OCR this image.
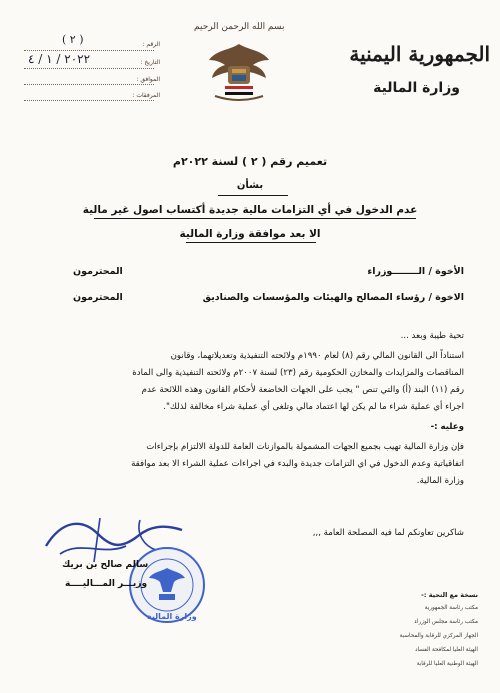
الرقم :
( ٢ )
التاريخ :
٢٠٢٢ / ١ / ٤
الموافق :
المرفقات :
بسم الله الرحمن الرحيم
الجمهورية اليمنية
وزارة المالية
تعميم رقم ( ٢ ) لسنة ٢٠٢٢م
بشأن
عدم الدخول في أي التزامات مالية جديدة أكتساب اصول غير مالية
الا بعد موافقة وزارة المالية
الأخوة / الــــــــوزراء
المحترمون
الاخوة / رؤساء المصالح والهيئات والمؤسسات والصناديق
المحترمون
تحية طيبة وبعد ...
استناداً الى القانون المالي رقم (٨) لعام ١٩٩٠م ولائحته التنفيذية وتعديلاتهما، وقانون
المناقصات والمزايدات والمخازن الحكومية رقم (٢٣) لسنة ٢٠٠٧م ولائحته التنفيذية والى المادة
رقم (١١) البند (أ) والتي تنص " يجب على الجهات الخاضعة لأحكام القانون وهذه اللائحة عدم
اجراء أي عملية شراء ما لم يكن لها اعتماد مالي وتلغى أي عملية شراء مخالفة لذلك".
وعليه :-
فإن وزارة المالية تهيب بجميع الجهات المشمولة بالموازنات العامة للدولة الالتزام بإجراءات
اتفاقياتية وعدم الدخول في اي التزامات جديدة والبدء في اجراءات عملية الشراء الا بعد موافقة
وزارة المالية.
شاكرين تعاونكم لما فيه المصلحة العامة ,,,
وزارة المالية
سالم صالح بن بريك
وزيـــر المـــاليــــة
نسخة مع التحية :-
مكتب رئاسة الجمهورية
مكتب رئاسة مجلس الوزراء
الجهاز المركزي للرقابة والمحاسبة
الهيئة العليا لمكافحة الفساد
الهيئة الوطنية العليا للرقابة
